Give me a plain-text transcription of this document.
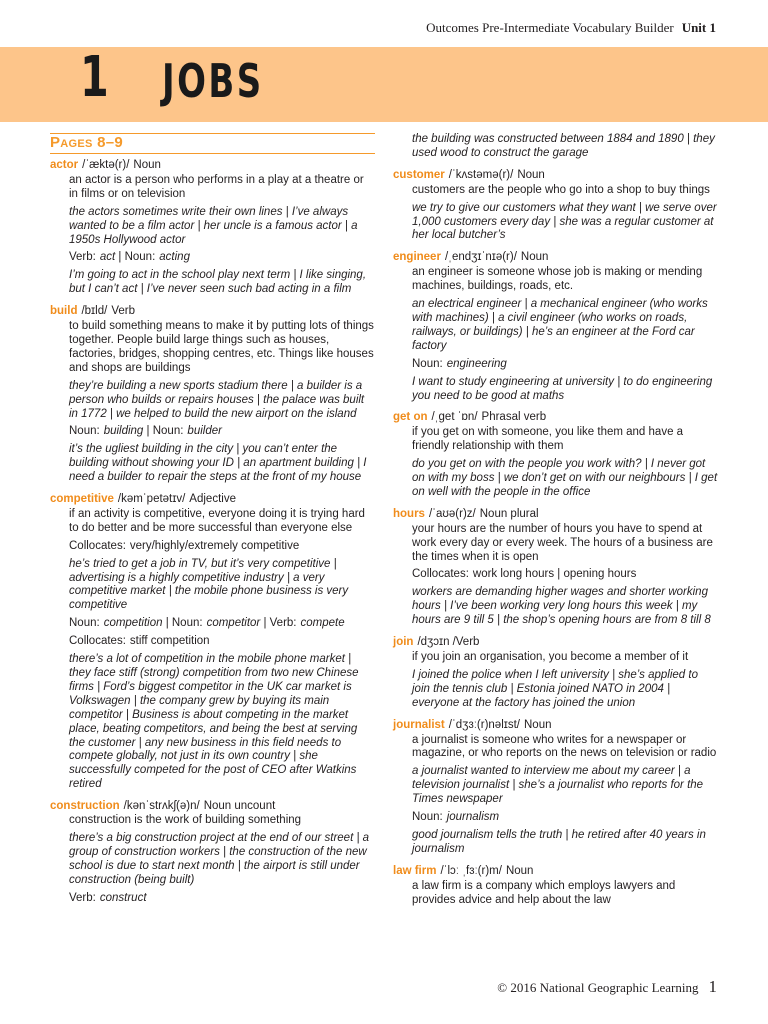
Outcomes Pre-Intermediate Vocabulary Builder Unit 1
1 JOBS
Pages 8–9
actor /ˈæktə(r)/ Noun
an actor is a person who performs in a play at a theatre or in films or on television
the actors sometimes write their own lines | I’ve always wanted to be a film actor | her uncle is a famous actor | a 1950s Hollywood actor
Verb: act | Noun: acting
I’m going to act in the school play next term | I like singing, but I can’t act | I’ve never seen such bad acting in a film
build /bɪld/ Verb
to build something means to make it by putting lots of things together. People build large things such as houses, factories, bridges, shopping centres, etc. Things like houses and shops are buildings
they’re building a new sports stadium there | a builder is a person who builds or repairs houses | the palace was built in 1772 | we helped to build the new airport on the island
Noun: building | Noun: builder
it’s the ugliest building in the city | you can’t enter the building without showing your ID | an apartment building | I need a builder to repair the steps at the front of my house
competitive /kəmˈpetətɪv/ Adjective
if an activity is competitive, everyone doing it is trying hard to do better and be more successful than everyone else
Collocates: very/highly/extremely competitive
he’s tried to get a job in TV, but it’s very competitive | advertising is a highly competitive industry | a very competitive market | the mobile phone business is very competitive
Noun: competition | Noun: competitor | Verb: compete
Collocates: stiff competition
there’s a lot of competition in the mobile phone market | they face stiff (strong) competition from two new Chinese firms | Ford’s biggest competitor in the UK car market is Volkswagen | the company grew by buying its main competitor | Business is about competing in the market place, beating competitors, and being the best at serving the customer | any new business in this field needs to compete globally, not just in its own country | she successfully competed for the post of CEO after Watkins retired
construction /kənˈstrʌkʃ(ə)n/ Noun uncount
construction is the work of building something
there’s a big construction project at the end of our street | a group of construction workers | the construction of the new school is due to start next month | the airport is still under construction (being built)
Verb: construct
the building was constructed between 1884 and 1890 | they used wood to construct the garage
customer /ˈkʌstəmə(r)/ Noun
customers are the people who go into a shop to buy things
we try to give our customers what they want | we serve over 1,000 customers every day | she was a regular customer at her local butcher’s
engineer /ˌendʒɪˈnɪə(r)/ Noun
an engineer is someone whose job is making or mending machines, buildings, roads, etc.
an electrical engineer | a mechanical engineer (who works with machines) | a civil engineer (who works on roads, railways, or buildings) | he’s an engineer at the Ford car factory
Noun: engineering
I want to study engineering at university | to do engineering you need to be good at maths
get on /ˌget ˈɒn/ Phrasal verb
if you get on with someone, you like them and have a friendly relationship with them
do you get on with the people you work with? | I never got on with my boss | we don’t get on with our neighbours | I get on well with the people in the office
hours /ˈaʊə(r)z/ Noun plural
your hours are the number of hours you have to spend at work every day or every week. The hours of a business are the times when it is open
Collocates: work long hours | opening hours
workers are demanding higher wages and shorter working hours | I’ve been working very long hours this week | my hours are 9 till 5 | the shop’s opening hours are from 8 till 8
join /dʒɔɪn /Verb
if you join an organisation, you become a member of it
I joined the police when I left university | she’s applied to join the tennis club | Estonia joined NATO in 2004 | everyone at the factory has joined the union
journalist /ˈdʒɜː(r)nəlɪst/ Noun
a journalist is someone who writes for a newspaper or magazine, or who reports on the news on television or radio
a journalist wanted to interview me about my career | a television journalist | she’s a journalist who reports for the Times newspaper
Noun: journalism
good journalism tells the truth | he retired after 40 years in journalism
law firm /ˈlɔː ˌfɜː(r)m/ Noun
a law firm is a company which employs lawyers and provides advice and help about the law
© 2016 National Geographic Learning 1
